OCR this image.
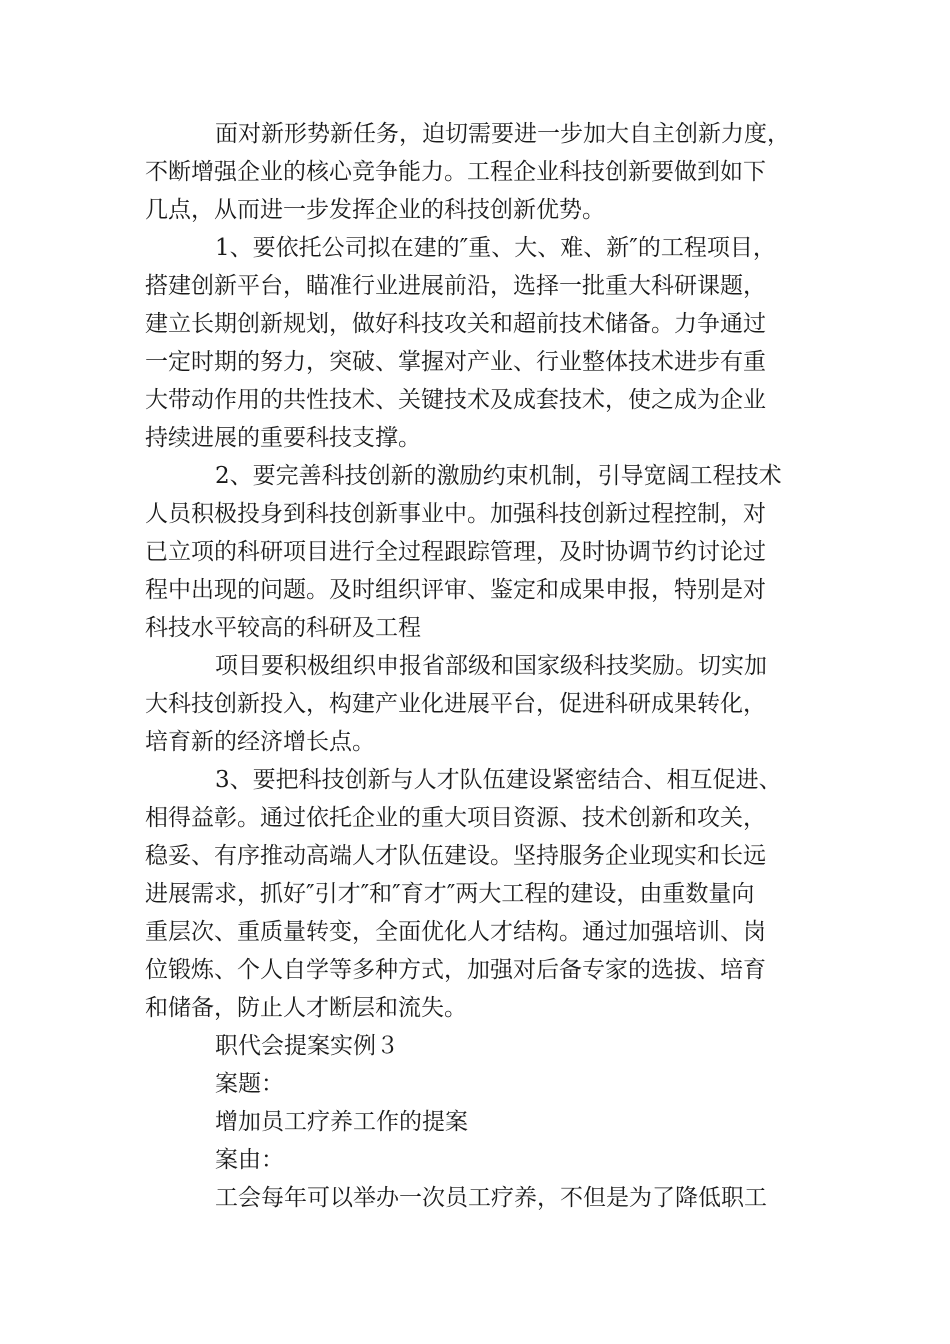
面对新形势新任务，迫切需要进一步加大自主创新力度，
不断增强企业的核心竞争能力。工程企业科技创新要做到如下
几点，从而进一步发挥企业的科技创新优势。
1、要依托公司拟在建的″重、大、难、新″的工程项目，
搭建创新平台，瞄准行业进展前沿，选择一批重大科研课题，
建立长期创新规划，做好科技攻关和超前技术储备。力争通过
一定时期的努力，突破、掌握对产业、行业整体技术进步有重
大带动作用的共性技术、关键技术及成套技术，使之成为企业
持续进展的重要科技支撑。
2、要完善科技创新的激励约束机制，引导宽阔工程技术
人员积极投身到科技创新事业中。加强科技创新过程控制，对
已立项的科研项目进行全过程跟踪管理，及时协调节约讨论过
程中出现的问题。及时组织评审、鉴定和成果申报，特别是对
科技水平较高的科研及工程
项目要积极组织申报省部级和国家级科技奖励。切实加
大科技创新投入，构建产业化进展平台，促进科研成果转化，
培育新的经济增长点。
3、要把科技创新与人才队伍建设紧密结合、相互促进、
相得益彰。通过依托企业的重大项目资源、技术创新和攻关，
稳妥、有序推动高端人才队伍建设。坚持服务企业现实和长远
进展需求，抓好″引才″和″育才″两大工程的建设，由重数量向
重层次、重质量转变，全面优化人才结构。通过加强培训、岗
位锻炼、个人自学等多种方式，加强对后备专家的选拔、培育
和储备，防止人才断层和流失。
职代会提案实例３
案题：
增加员工疗养工作的提案
案由：
工会每年可以举办一次员工疗养，不但是为了降低职工
